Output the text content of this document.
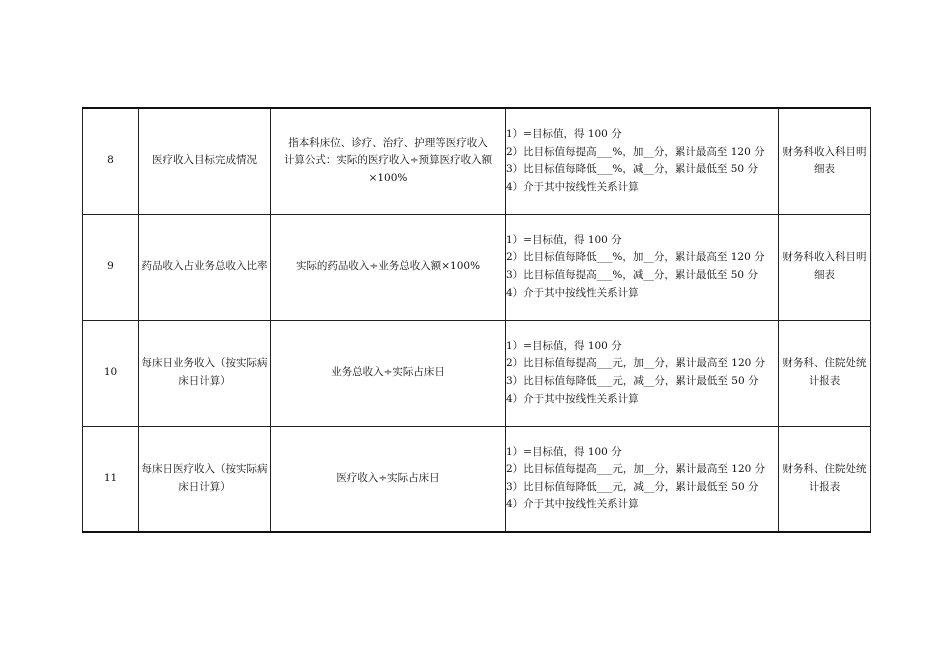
8	医疗收入目标完成情况	指本科床位、诊疗、治疗、护理等医疗收入
计算公式：实际的医疗收入÷预算医疗收入额×100%	1）=目标值，得 100 分
2）比目标值每提高___%，加__分，累计最高至 120 分
3）比目标值每降低___%，减__分，累计最低至 50 分
4）介于其中按线性关系计算	财务科收入科目明细表
9	药品收入占业务总收入比率	实际的药品收入÷业务总收入额×100%	1）=目标值，得 100 分
2）比目标值每降低___%，加__分，累计最高至 120 分
3）比目标值每提高___%，减__分，累计最低至 50 分
4）介于其中按线性关系计算	财务科收入科目明细表
10	每床日业务收入（按实际病床日计算）	业务总收入÷实际占床日	1）=目标值，得 100 分
2）比目标值每提高___元，加__分，累计最高至 120 分
3）比目标值每降低___元，减__分，累计最低至 50 分
4）介于其中按线性关系计算	财务科、住院处统计报表
11	每床日医疗收入（按实际病床日计算）	医疗收入÷实际占床日	1）=目标值，得 100 分
2）比目标值每提高___元，加__分，累计最高至 120 分
3）比目标值每降低___元，减__分，累计最低至 50 分
4）介于其中按线性关系计算	财务科、住院处统计报表
